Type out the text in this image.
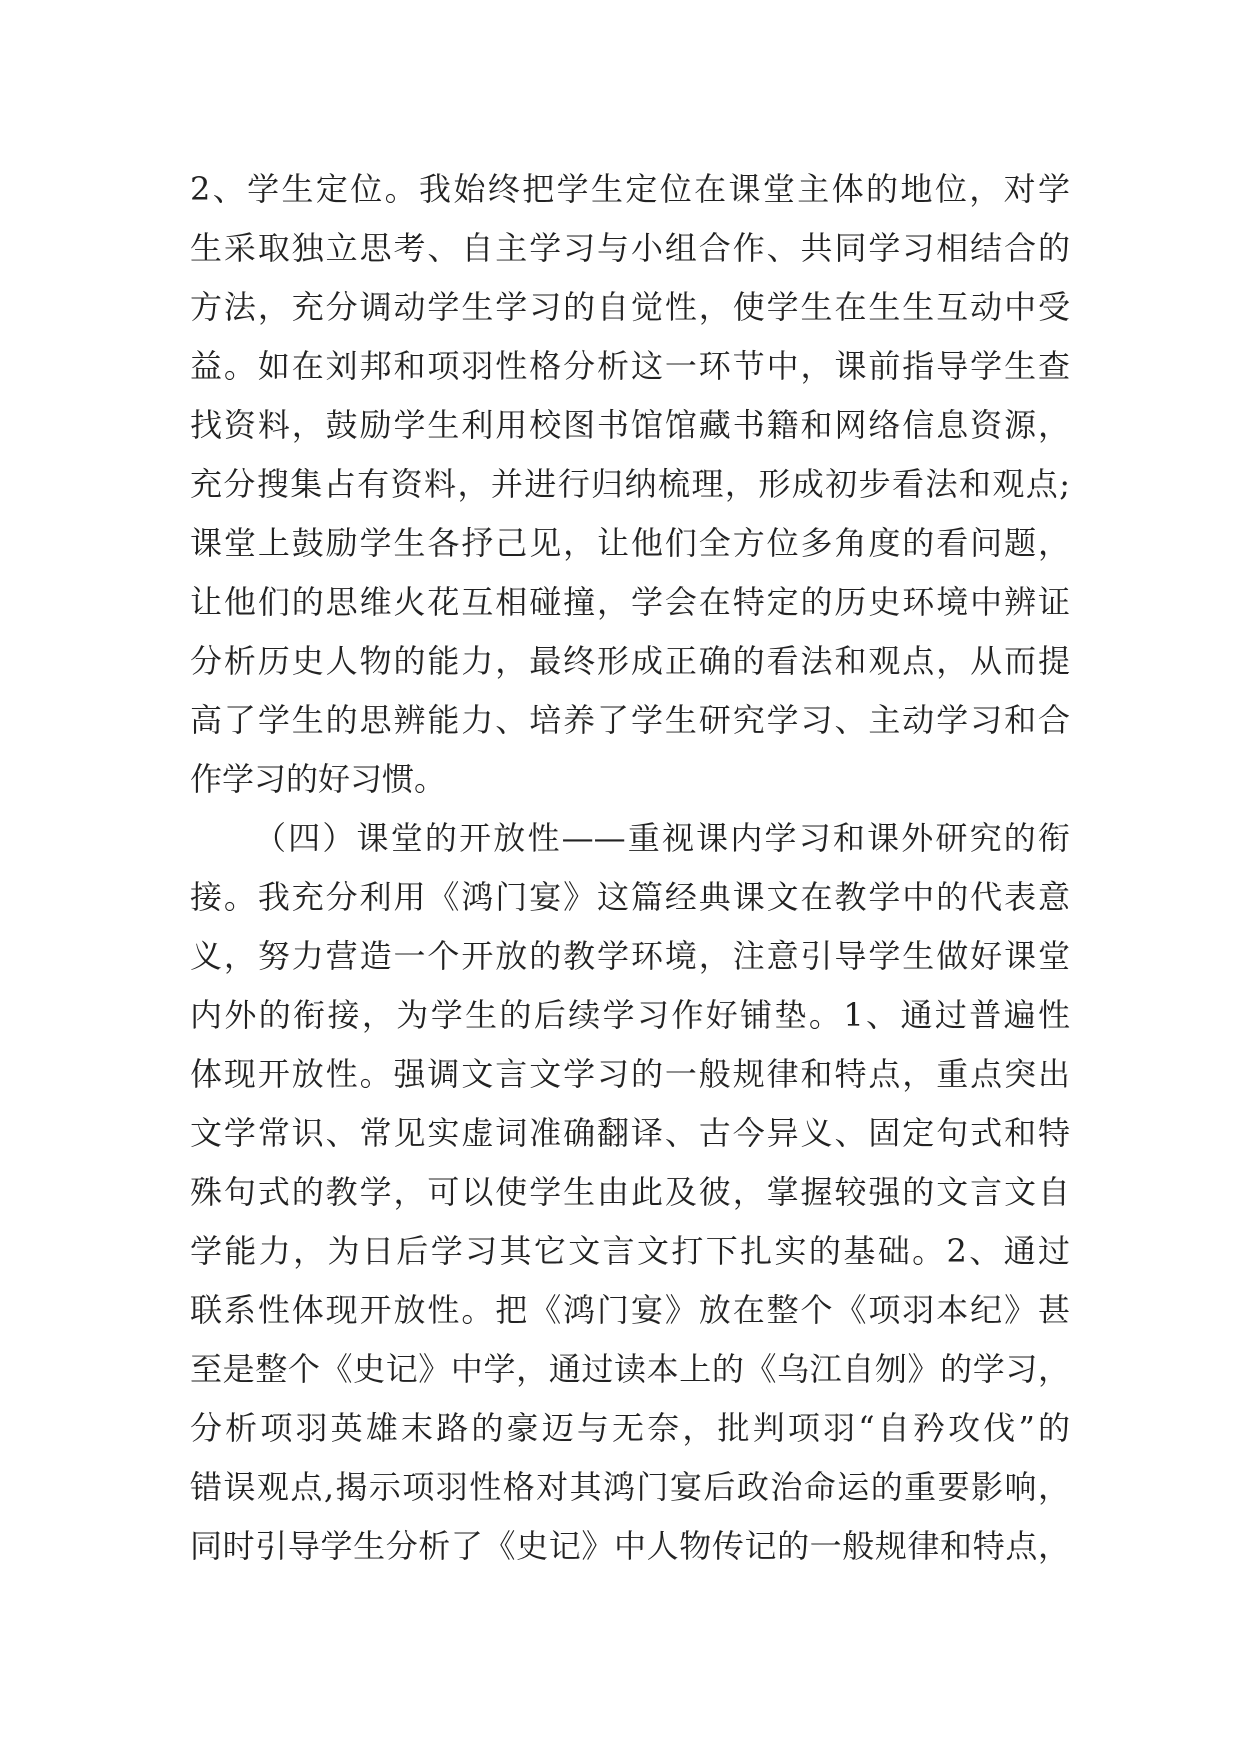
2、学生定位。我始终把学生定位在课堂主体的地位，对学
生采取独立思考、自主学习与小组合作、共同学习相结合的
方法，充分调动学生学习的自觉性，使学生在生生互动中受
益。如在刘邦和项羽性格分析这一环节中，课前指导学生查
找资料，鼓励学生利用校图书馆馆藏书籍和网络信息资源，
充分搜集占有资料，并进行归纳梳理，形成初步看法和观点;
课堂上鼓励学生各抒己见，让他们全方位多角度的看问题，
让他们的思维火花互相碰撞，学会在特定的历史环境中辨证
分析历史人物的能力，最终形成正确的看法和观点，从而提
高了学生的思辨能力、培养了学生研究学习、主动学习和合
作学习的好习惯。
（四）课堂的开放性——重视课内学习和课外研究的衔
接。我充分利用《鸿门宴》这篇经典课文在教学中的代表意
义，努力营造一个开放的教学环境，注意引导学生做好课堂
内外的衔接，为学生的后续学习作好铺垫。1、通过普遍性
体现开放性。强调文言文学习的一般规律和特点，重点突出
文学常识、常见实虚词准确翻译、古今异义、固定句式和特
殊句式的教学，可以使学生由此及彼，掌握较强的文言文自
学能力，为日后学习其它文言文打下扎实的基础。2、通过
联系性体现开放性。把《鸿门宴》放在整个《项羽本纪》甚
至是整个《史记》中学，通过读本上的《乌江自刎》的学习，
分析项羽英雄末路的豪迈与无奈，批判项羽“自矜攻伐”的
错误观点,揭示项羽性格对其鸿门宴后政治命运的重要影响，
同时引导学生分析了《史记》中人物传记的一般规律和特点，
